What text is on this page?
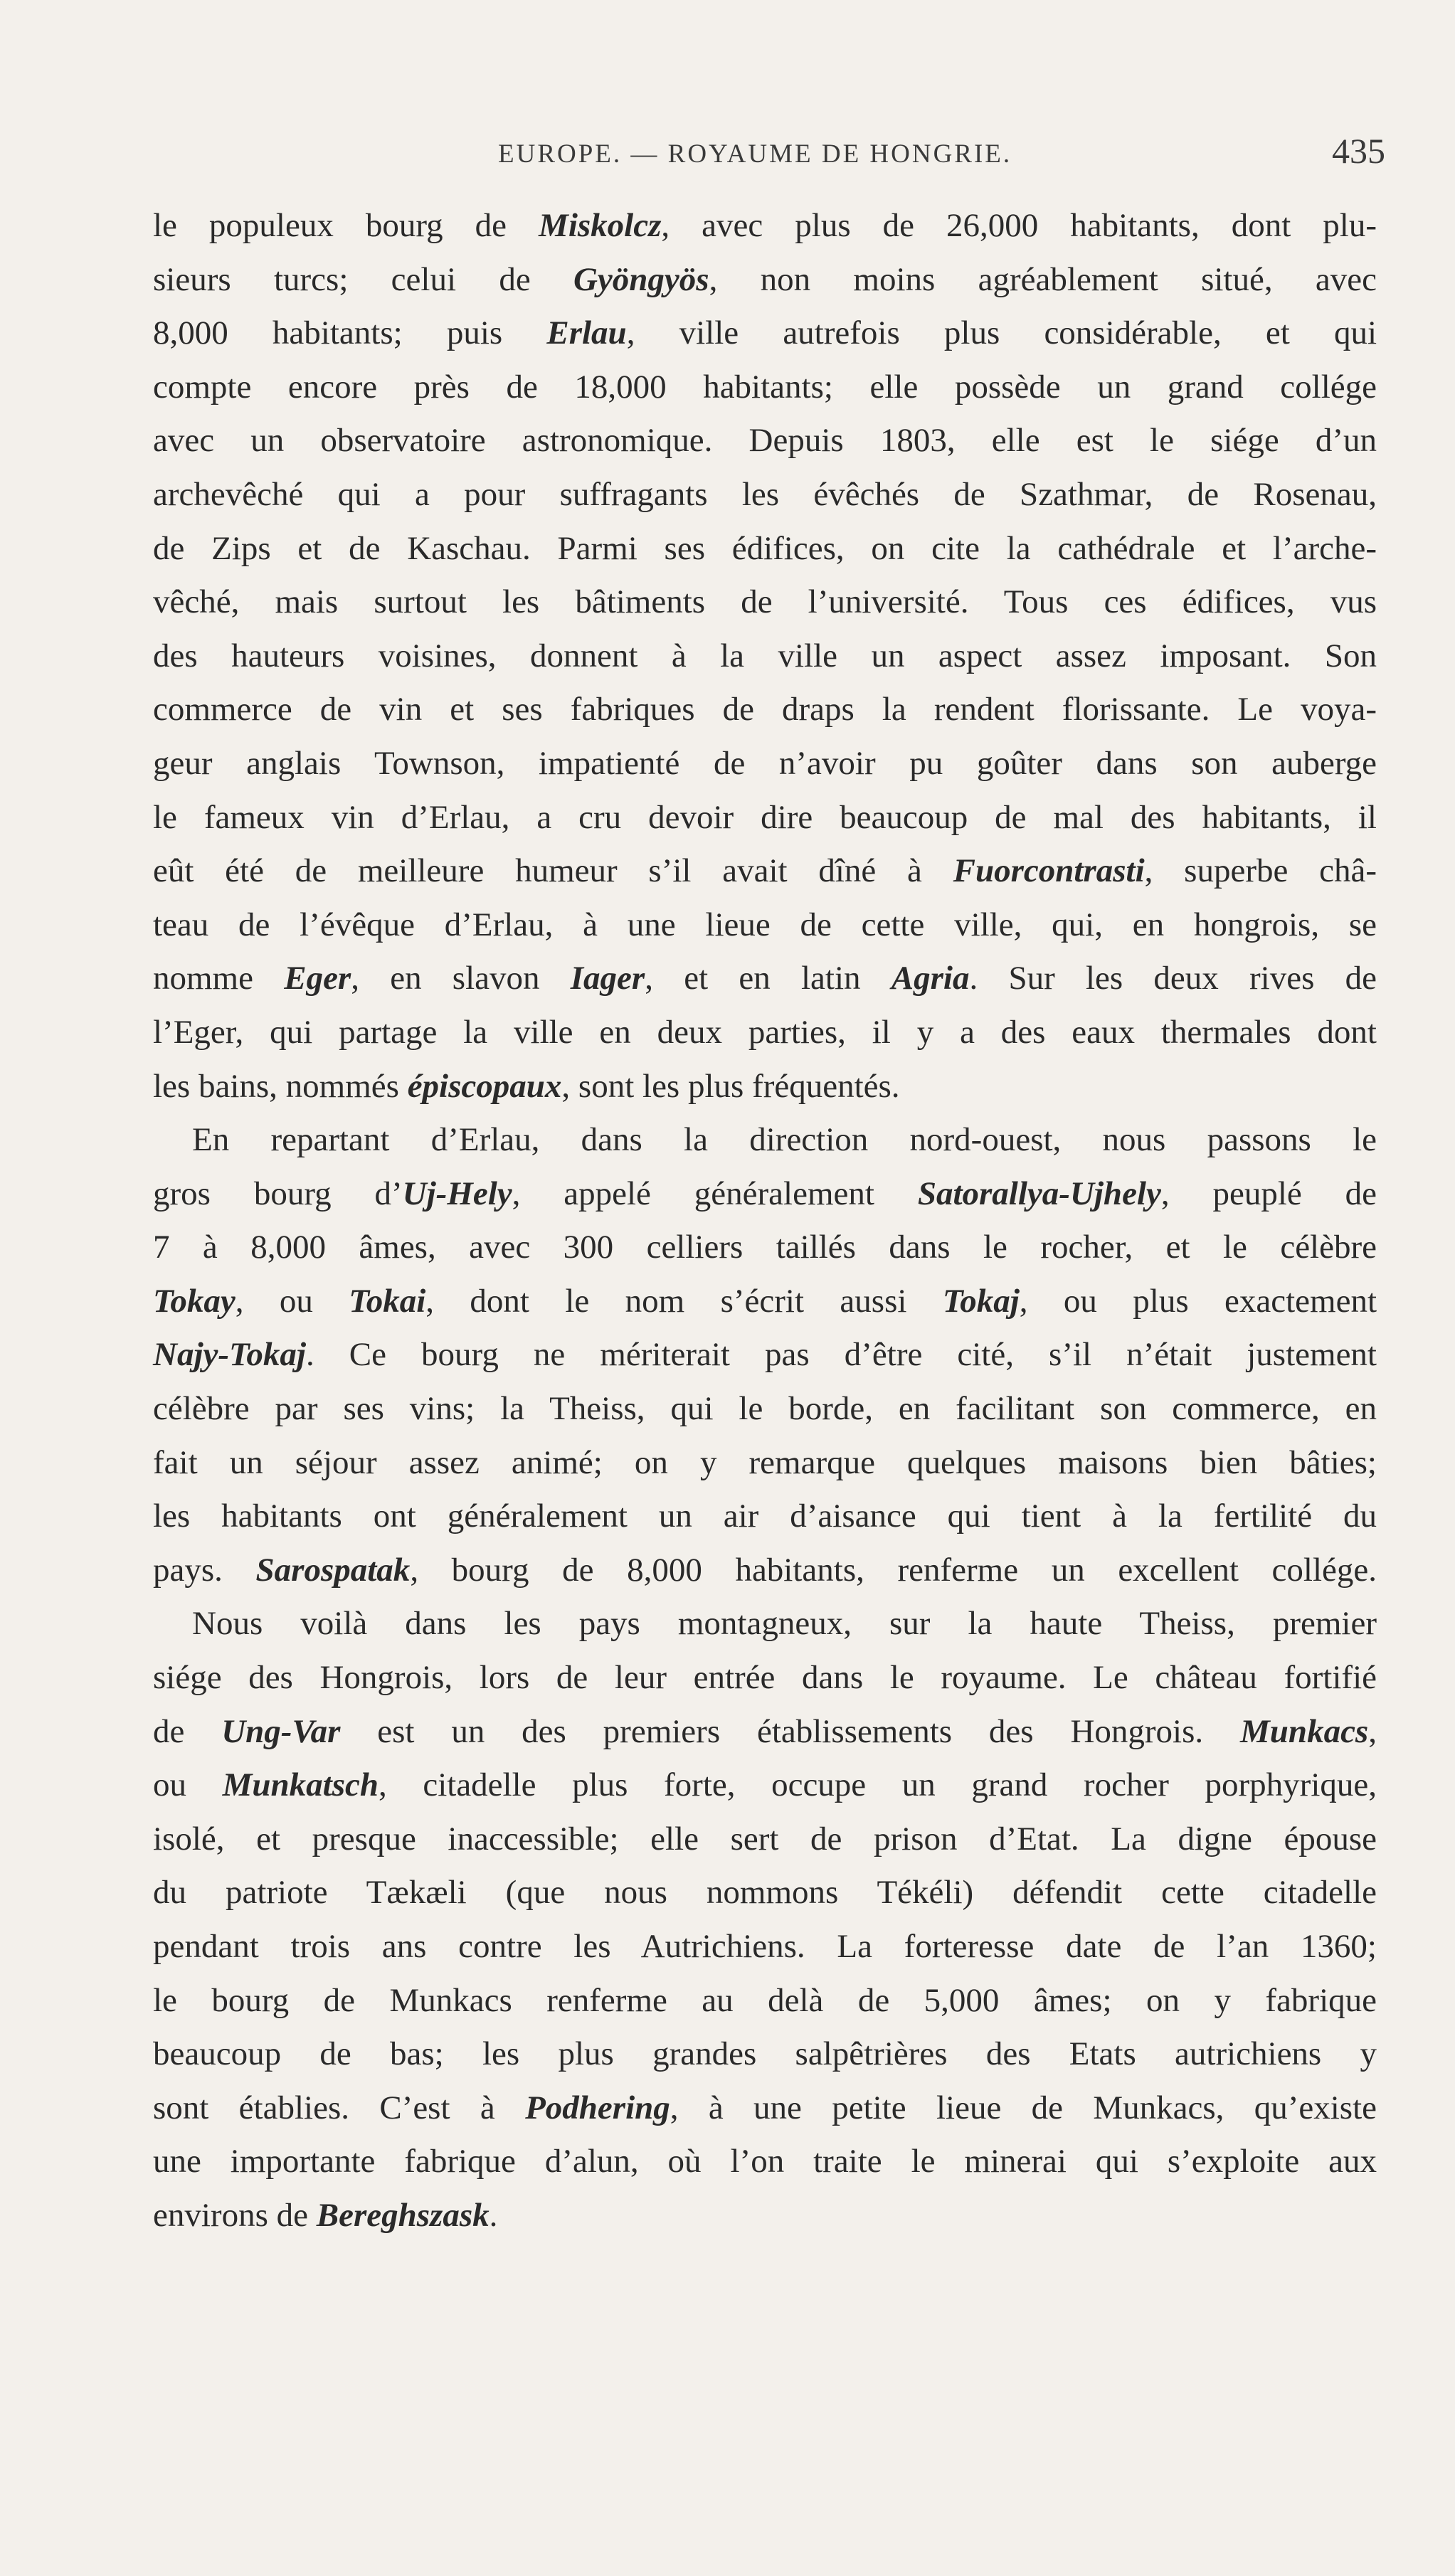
EUROPE. — ROYAUME DE HONGRIE.	435
le populeux bourg de Miskolcz, avec plus de 26,000 habitants, dont plu-
sieurs turcs; celui de Gyöngyös, non moins agréablement situé, avec
8,000 habitants; puis Erlau, ville autrefois plus considérable, et qui
compte encore près de 18,000 habitants; elle possède un grand collége
avec un observatoire astronomique. Depuis 1803, elle est le siége d’un
archevêché qui a pour suffragants les évêchés de Szathmar, de Rosenau,
de Zips et de Kaschau. Parmi ses édifices, on cite la cathédrale et l’arche-
vêché, mais surtout les bâtiments de l’université. Tous ces édifices, vus
des hauteurs voisines, donnent à la ville un aspect assez imposant. Son
commerce de vin et ses fabriques de draps la rendent florissante. Le voya-
geur anglais Townson, impatienté de n’avoir pu goûter dans son auberge
le fameux vin d’Erlau, a cru devoir dire beaucoup de mal des habitants, il
eût été de meilleure humeur s’il avait dîné à Fuorcontrasti, superbe châ-
teau de l’évêque d’Erlau, à une lieue de cette ville, qui, en hongrois, se
nomme Eger, en slavon Iager, et en latin Agria. Sur les deux rives de
l’Eger, qui partage la ville en deux parties, il y a des eaux thermales dont
les bains, nommés épiscopaux, sont les plus fréquentés.
En repartant d’Erlau, dans la direction nord-ouest, nous passons le
gros bourg d’Uj-Hely, appelé généralement Satorallya-Ujhely, peuplé de
7 à 8,000 âmes, avec 300 celliers taillés dans le rocher, et le célèbre
Tokay, ou Tokai, dont le nom s’écrit aussi Tokaj, ou plus exactement
Najy-Tokaj. Ce bourg ne mériterait pas d’être cité, s’il n’était justement
célèbre par ses vins; la Theiss, qui le borde, en facilitant son commerce, en
fait un séjour assez animé; on y remarque quelques maisons bien bâties;
les habitants ont généralement un air d’aisance qui tient à la fertilité du
pays. Sarospatak, bourg de 8,000 habitants, renferme un excellent collége.
Nous voilà dans les pays montagneux, sur la haute Theiss, premier
siége des Hongrois, lors de leur entrée dans le royaume. Le château fortifié
de Ung-Var est un des premiers établissements des Hongrois. Munkacs,
ou Munkatsch, citadelle plus forte, occupe un grand rocher porphyrique,
isolé, et presque inaccessible; elle sert de prison d’Etat. La digne épouse
du patriote Tækæli (que nous nommons Tékéli) défendit cette citadelle
pendant trois ans contre les Autrichiens. La forteresse date de l’an 1360;
le bourg de Munkacs renferme au delà de 5,000 âmes; on y fabrique
beaucoup de bas; les plus grandes salpêtrières des Etats autrichiens y
sont établies. C’est à Podhering, à une petite lieue de Munkacs, qu’existe
une importante fabrique d’alun, où l’on traite le minerai qui s’exploite aux
environs de Bereghszask.
